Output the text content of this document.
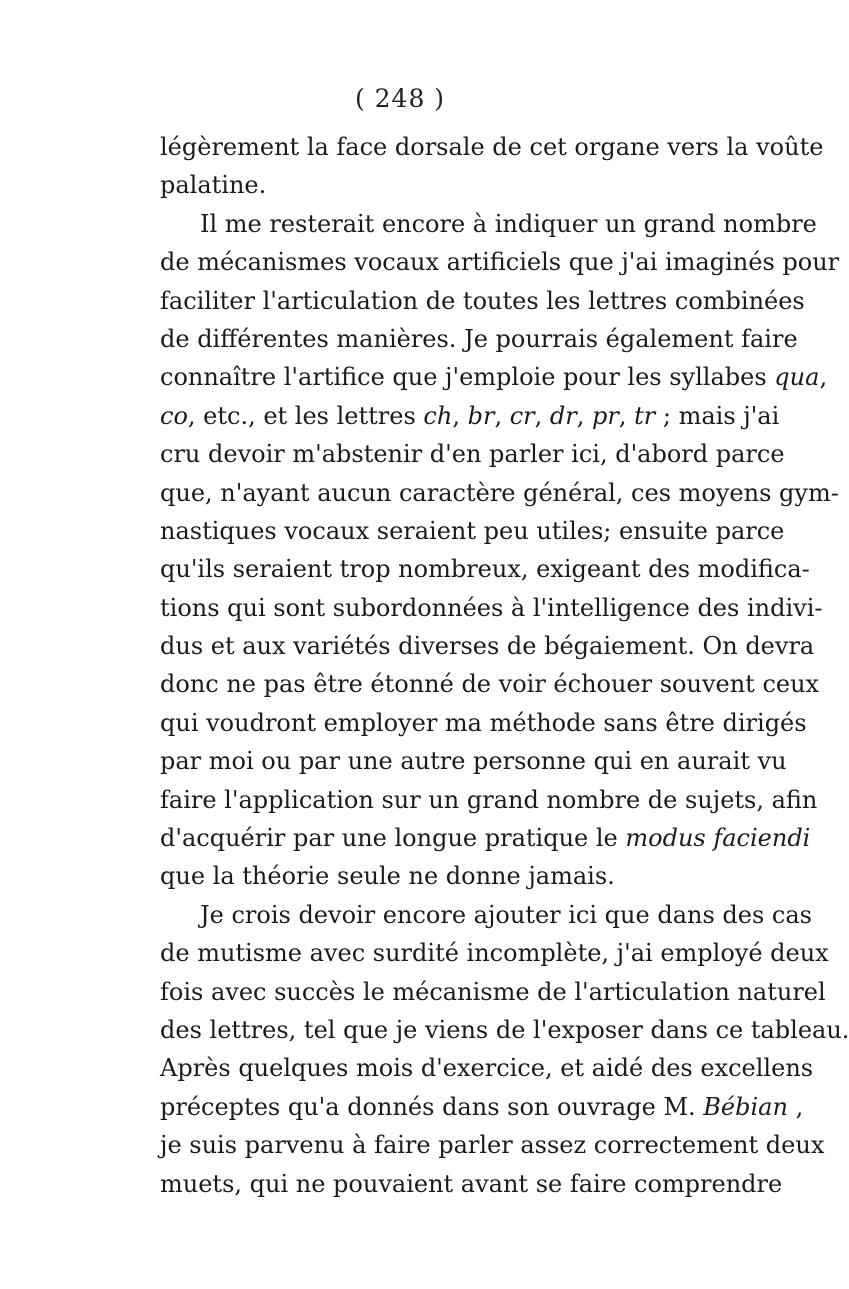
( 248 )
légèrement la face dorsale de cet organe vers la voûte
palatine.
Il me resterait encore à indiquer un grand nombre
de mécanismes vocaux artificiels que j'ai imaginés pour
faciliter l'articulation de toutes les lettres combinées
de différentes manières. Je pourrais également faire
connaître l'artifice que j'emploie pour les syllabes qua,
co, etc., et les lettres ch, br, cr, dr, pr, tr ; mais j'ai
cru devoir m'abstenir d'en parler ici, d'abord parce
que, n'ayant aucun caractère général, ces moyens gym-
nastiques vocaux seraient peu utiles; ensuite parce
qu'ils seraient trop nombreux, exigeant des modifica-
tions qui sont subordonnées à l'intelligence des indivi-
dus et aux variétés diverses de bégaiement. On devra
donc ne pas être étonné de voir échouer souvent ceux
qui voudront employer ma méthode sans être dirigés
par moi ou par une autre personne qui en aurait vu
faire l'application sur un grand nombre de sujets, afin
d'acquérir par une longue pratique le modus faciendi
que la théorie seule ne donne jamais.
Je crois devoir encore ajouter ici que dans des cas
de mutisme avec surdité incomplète, j'ai employé deux
fois avec succès le mécanisme de l'articulation naturel
des lettres, tel que je viens de l'exposer dans ce tableau.
Après quelques mois d'exercice, et aidé des excellens
préceptes qu'a donnés dans son ouvrage M. Bébian ,
je suis parvenu à faire parler assez correctement deux
muets, qui ne pouvaient avant se faire comprendre
